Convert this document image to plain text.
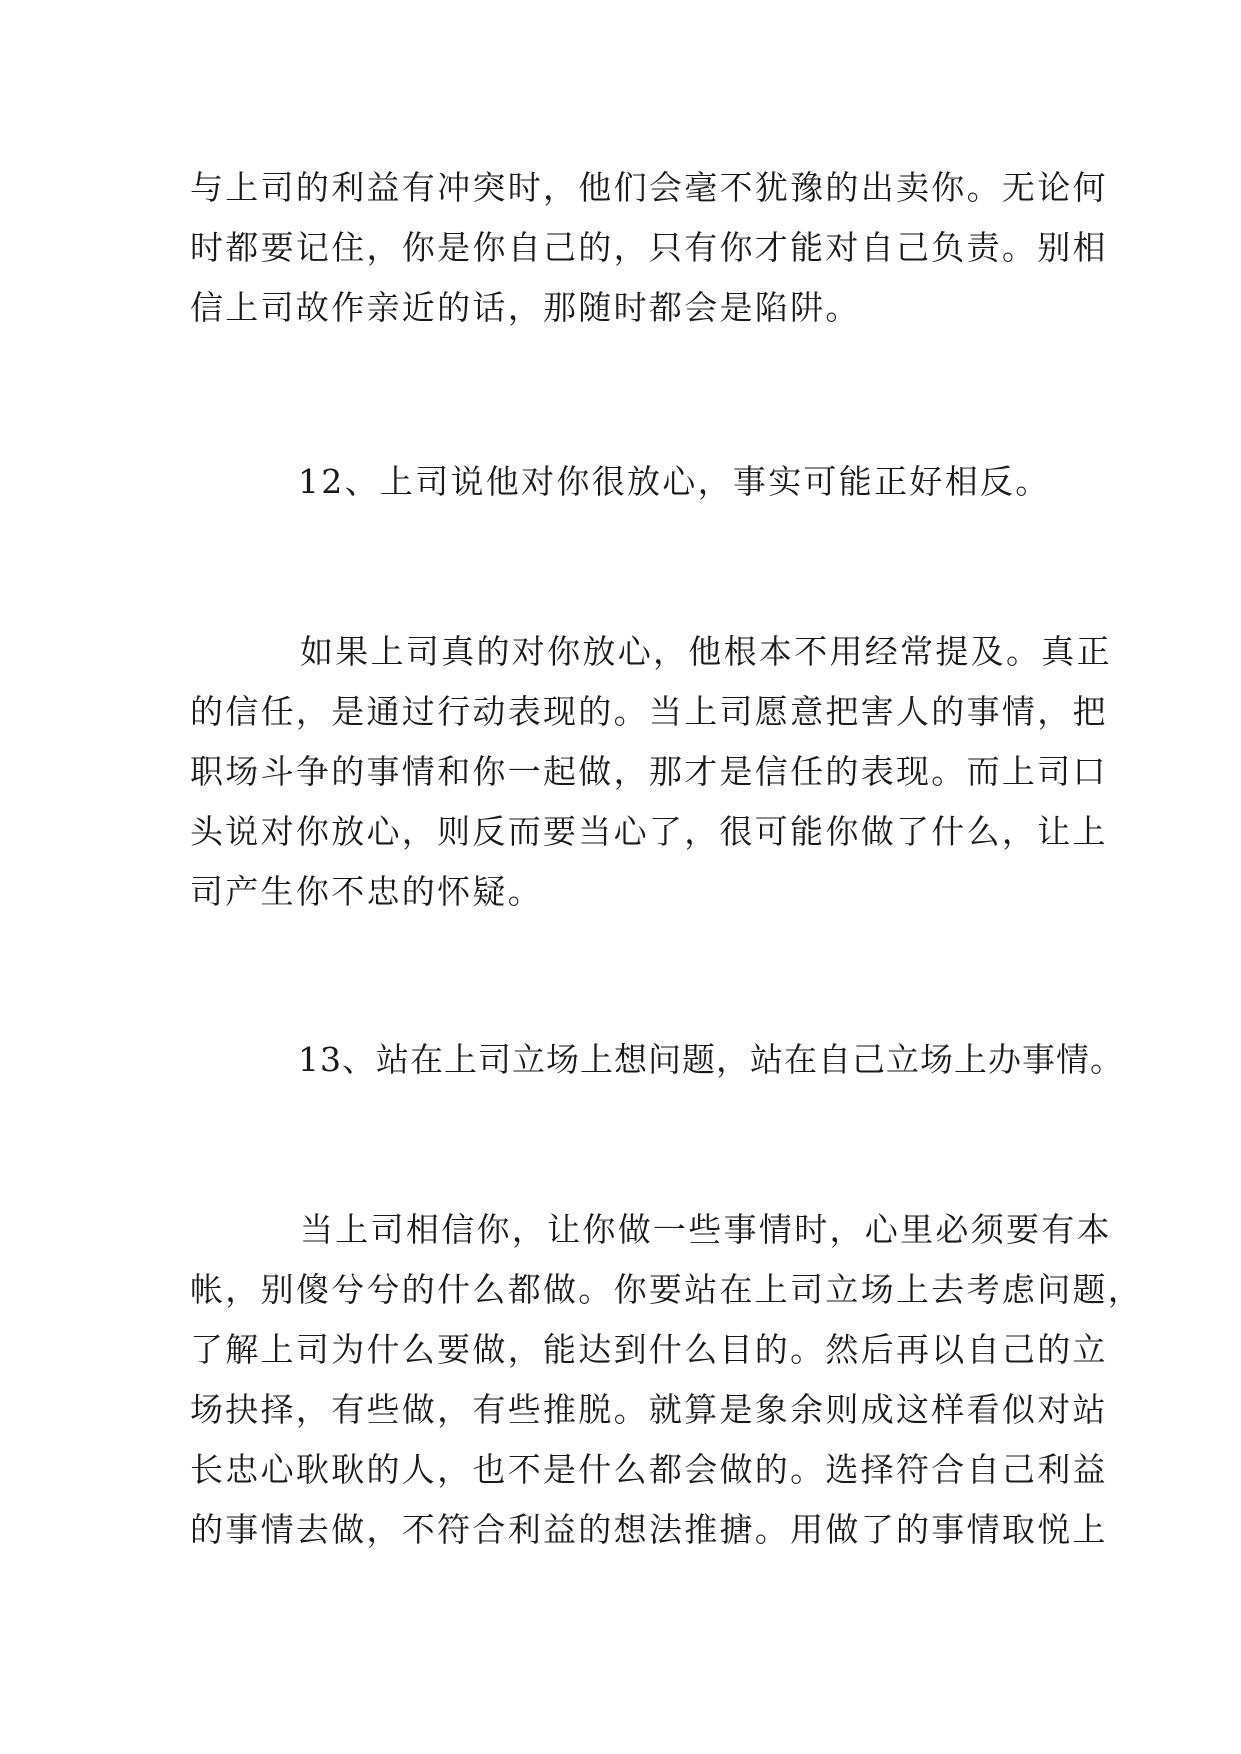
与上司的利益有冲突时，他们会毫不犹豫的出卖你。无论何
时都要记住，你是你自己的，只有你才能对自己负责。别相
信上司故作亲近的话，那随时都会是陷阱。
12、上司说他对你很放心，事实可能正好相反。
如果上司真的对你放心，他根本不用经常提及。真正
的信任，是通过行动表现的。当上司愿意把害人的事情，把
职场斗争的事情和你一起做，那才是信任的表现。而上司口
头说对你放心，则反而要当心了，很可能你做了什么，让上
司产生你不忠的怀疑。
13、站在上司立场上想问题，站在自己立场上办事情。
当上司相信你，让你做一些事情时，心里必须要有本
帐，别傻兮兮的什么都做。你要站在上司立场上去考虑问题，
了解上司为什么要做，能达到什么目的。然后再以自己的立
场抉择，有些做，有些推脱。就算是象余则成这样看似对站
长忠心耿耿的人，也不是什么都会做的。选择符合自己利益
的事情去做，不符合利益的想法推搪。用做了的事情取悦上
